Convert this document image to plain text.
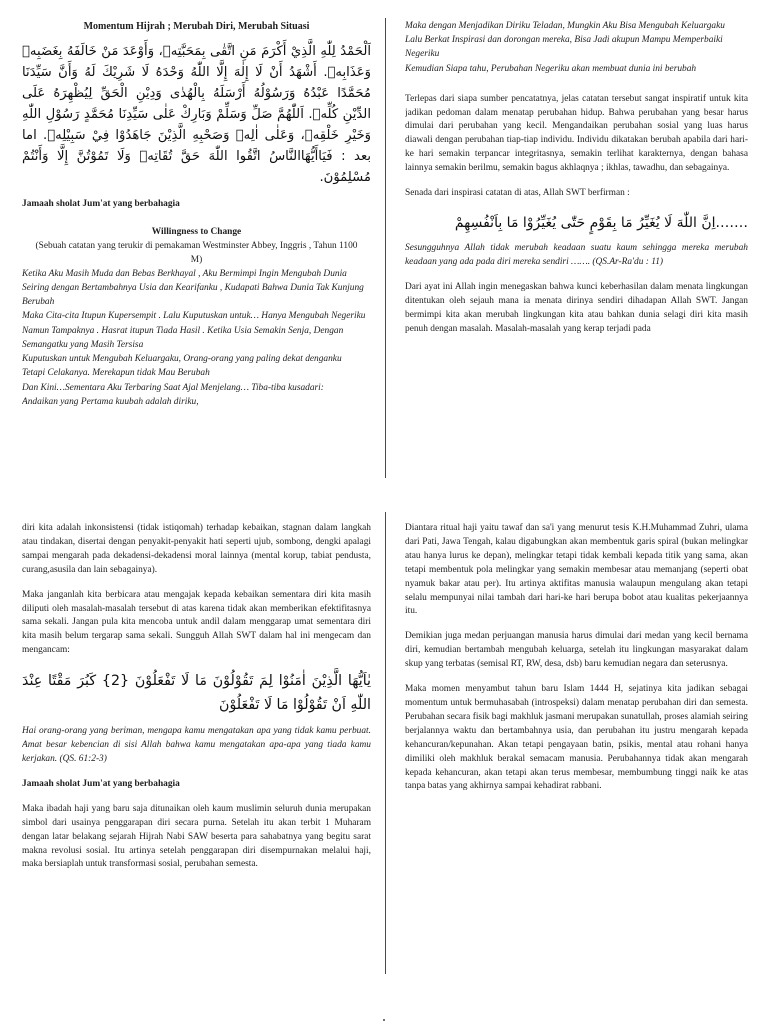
Momentum Hijrah ; Merubah Diri, Merubah Situasi
اَلْحَمْدُ لِلّٰهِ الَّذِيْ أَكْرَمَ مَنِ اتَّقٰى بِمَحَبَّتِهٖ، وَأَوْعَدَ مَنْ خَالَفَهُ بِغَضَبِهٖ وَعَذَابِهٖ. أَشْهَدُ أَنْ لَا إِلٰهَ إِلَّا اللّٰهُ وَحْدَهُ لَا شَرِيْكَ لَهُ وَأَنَّ سَيِّدَنَا مُحَمَّدًا عَبْدُهُ وَرَسُوْلُهُ أَرْسَلَهُ بِالْهُدٰى وَدِيْنِ الْحَقِّ لِيُظْهِرَهُ عَلَى الدِّيْنِ كُلِّهٖ. اَللّٰهُمَّ صَلِّ وَسَلِّمْ وَبَارِكْ عَلٰى سَيِّدِنَا مُحَمَّدٍ رَسُوْلِ اللّٰهِ وَخَيْرِ خَلْقِهٖ، وَعَلٰى اٰلِهٖ وَصَحْبِهِ الَّذِيْنَ جَاهَدُوْا فِيْ سَبِيْلِهٖ. اما بعد : فَيَاأَيُّهَاالنَّاسُ اتَّقُوا اللّٰهَ حَقَّ تُقَاتِهٖ وَلَا تَمُوْتُنَّ إِلَّا وَأَنْتُمْ مُسْلِمُوْنَ.

Jamaah sholat Jum'at yang berbahagia

Willingness to Change
(Sebuah catatan yang terukir di pemakaman Westminster Abbey, Inggris , Tahun 1100 M)
Ketika Aku Masih Muda dan Bebas Berkhayal , Aku Bermimpi Ingin Mengubah Dunia
Seiring dengan Bertambahnya Usia dan Kearifanku , Kudapati Bahwa Dunia Tak Kunjung Berubah
Maka Cita-cita Itupun Kupersempit . Lalu Kuputuskan untuk… Hanya Mengubah Negeriku
Namun Tampaknya . Hasrat itupun Tiada Hasil . Ketika Usia Semakin Senja, Dengan Semangatku yang Masih Tersisa
Kuputuskan untuk Mengubah Keluargaku, Orang-orang yang paling dekat denganku
Tetapi Celakanya. Merekapun tidak Mau Berubah
Dan Kini…Sementara Aku Terbaring Saat Ajal Menjelang… Tiba-tiba kusadari:
Andaikan yang Pertama kuubah adalah diriku,
Maka dengan Menjadikan Diriku Teladan, Mungkin Aku Bisa Mengubah Keluargaku
Lalu Berkat Inspirasi dan dorongan mereka, Bisa Jadi akupun Mampu Memperbaiki Negeriku
Kemudian Siapa tahu, Perubahan Negeriku akan membuat dunia ini berubah

Terlepas dari siapa sumber pencatatnya, jelas catatan tersebut sangat inspiratif untuk kita jadikan pedoman dalam menatap perubahan hidup. Bahwa perubahan yang besar harus dimulai dari perubahan yang kecil. Mengandaikan perubahan sosial yang luas harus diawali dengan perubahan tiap-tiap individu. Individu dikatakan berubah apabila dari hari-ke hari semakin terpancar integritasnya, semakin terlihat karakternya, dengan bahasa lainnya semakin berilmu, semakin bagus akhlaqnya ; ikhlas, tawadhu, dan sebagainya.

Senada dari inspirasi catatan di atas, Allah SWT berfirman :

…….اِنَّ اللّٰهَ لَا يُغَيِّرُ مَا بِقَوْمٍ حَتّٰى يُغَيِّرُوْا مَا بِاَنْفُسِهِمْ

Sesungguhnya Allah tidak merubah keadaan suatu kaum sehingga mereka merubah keadaan yang ada pada diri mereka sendiri ……. (QS.Ar-Ra'du : 11)

Dari ayat ini Allah ingin menegaskan bahwa kunci keberhasilan dalam menata lingkungan ditentukan oleh sejauh mana ia menata dirinya sendiri dihadapan Allah SWT. Jangan bermimpi kita akan merubah lingkungan kita atau bahkan dunia selagi diri kita masih penuh dengan masalah. Masalah-masalah yang kerap terjadi pada

diri kita adalah inkonsistensi (tidak istiqomah) terhadap kebaikan, stagnan dalam langkah atau tindakan, disertai dengan penyakit-penyakit hati seperti ujub, sombong, dengki apalagi sampai mengarah pada dekadensi-dekadensi moral lainnya (mental korup, tabiat pendusta, curang,asusila dan lain sebagainya).

Maka janganlah kita berbicara atau mengajak kepada kebaikan sementara diri kita masih diliputi oleh masalah-masalah tersebut di atas karena tidak akan memberikan efektifitasnya sama sekali. Jangan pula kita mencoba untuk andil dalam menggarap umat sementara diri kita masih belum tergarap sama sekali. Sungguh Allah SWT dalam hal ini mengecam dan mengancam:

يٰاَيُّهَا الَّذِيْنَ اٰمَنُوْا لِمَ تَقُوْلُوْنَ مَا لَا تَفْعَلُوْنَ {2} كَبُرَ مَقْتًا عِنْدَ اللّٰهِ اَنْ تَقُوْلُوْا مَا لَا تَفْعَلُوْنَ

Hai orang-orang yang beriman, mengapa kamu mengatakan apa yang tidak kamu perbuat. Amat besar kebencian di sisi Allah bahwa kamu mengatakan apa-apa yang tiada kamu kerjakan. (QS. 61:2-3)

Jamaah sholat Jum'at yang berbahagia

Maka ibadah haji yang baru saja ditunaikan oleh kaum muslimin seluruh dunia merupakan simbol dari usainya penggarapan diri secara purna. Setelah itu akan terbit 1 Muharam dengan latar belakang sejarah Hijrah Nabi SAW beserta para sahabatnya yang begitu sarat makna revolusi sosial. Itu artinya setelah penggarapan diri disempurnakan melalui haji, maka bersiaplah untuk transformasi sosial, perubahan semesta.

Diantara ritual haji yaitu tawaf dan sa'i yang menurut tesis K.H.Muhammad Zuhri, ulama dari Pati, Jawa Tengah, kalau digabungkan akan membentuk garis spiral (bukan melingkar atau hanya lurus ke depan), melingkar tetapi tidak kembali kepada titik yang sama, akan tetapi membentuk pola melingkar yang semakin membesar atau memanjang (seperti obat nyamuk bakar atau per). Itu artinya aktifitas manusia walaupun mengulang akan tetapi selalu mempunyai nilai tambah dari hari-ke hari berupa bobot atau kualitas pekerjaannya itu.

Demikian juga medan perjuangan manusia harus dimulai dari medan yang kecil bernama diri, kemudian bertambah mengubah keluarga, setelah itu lingkungan masyarakat dalam skup yang terbatas (semisal RT, RW, desa, dsb) baru kemudian negara dan seterusnya.

Maka momen menyambut tahun baru Islam 1444 H, sejatinya kita jadikan sebagai momentum untuk bermuhasabah (introspeksi) dalam menatap perubahan diri dan semesta. Perubahan secara fisik bagi makhluk jasmani merupakan sunatullah, proses alamiah seiring berjalannya waktu dan bertambahnya usia, dan perubahan itu justru mengarah kepada kehancuran/kepunahan. Akan tetapi pengayaan batin, psikis, mental atau rohani hanya dimiliki oleh makhluk berakal semacam manusia. Perubahannya tidak akan mengarah kepada kehancuran, akan tetapi akan terus membesar, membumbung tinggi naik ke atas tanpa batas yang akhirnya sampai kehadirat rabbani.
